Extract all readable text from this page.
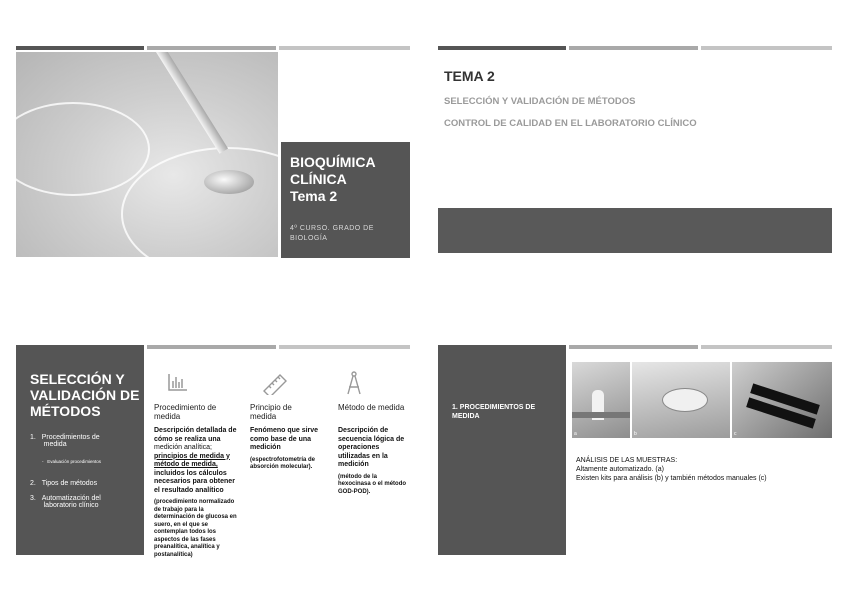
BIOQUÍMICA
CLÍNICA
Tema 2
4º CURSO. GRADO DE
BIOLOGÍA
TEMA 2
SELECCIÓN Y VALIDACIÓN DE MÉTODOS
CONTROL DE CALIDAD EN EL LABORATORIO CLÍNICO
SELECCIÓN Y
VALIDACIÓN DE
MÉTODOS
1. Procedimientos de
medida
- Evaluación procedimientos
2. Tipos de métodos
3. Automatización del
laboratorio clínico
Procedimiento de
medida
Descripción detallada de
cómo se realiza una
medición analítica;
principios de medida y
método de medida,
incluidos los cálculos
necesarios para obtener
el resultado analítico
(procedimiento normalizado
de trabajo para la
determinación de glucosa en
suero, en el que se
contemplan todos los
aspectos de las fases
preanalítica, analítica y
postanalítica)
Principio de
medida
Fenómeno que sirve
como base de una
medición
(espectrofotometría de
absorción molecular).
Método de medida
Descripción de
secuencia lógica de
operaciones
utilizadas en la
medición
(método de la
hexocinasa o el método
GOD-POD).
1. PROCEDIMIENTOS DE
MEDIDA
a	b	c
ANÁLISIS DE LAS MUESTRAS:
Altamente automatizado. (a)
Existen kits para análisis (b) y también métodos manuales (c)
